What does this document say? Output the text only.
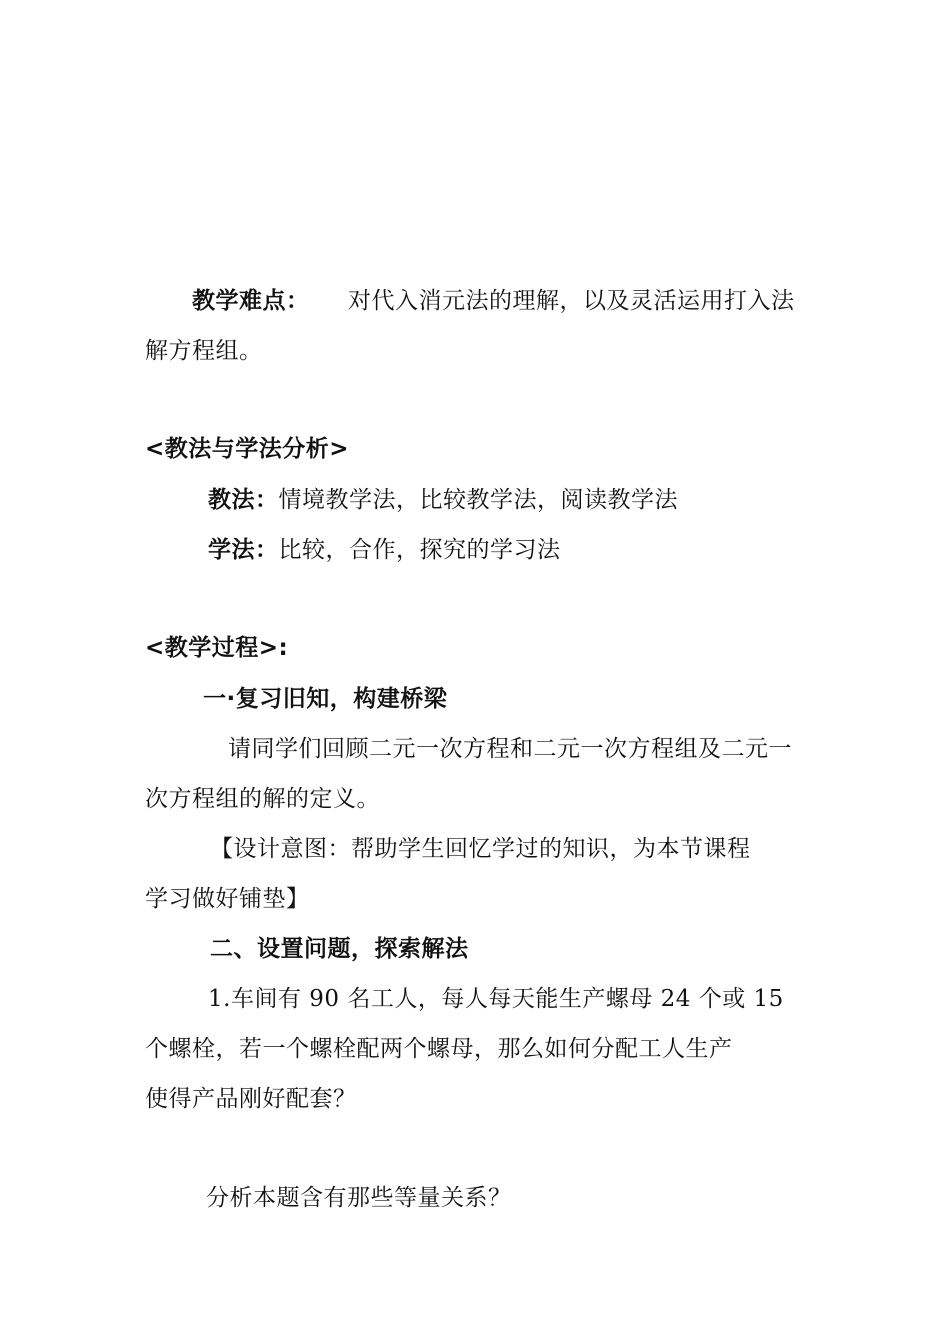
教学难点： 对代入消元法的理解，以及灵活运用打入法
解方程组。
<教法与学法分析>
教法：情境教学法，比较教学法，阅读教学法
学法：比较，合作，探究的学习法
<教学过程>:
一·复习旧知，构建桥梁
请同学们回顾二元一次方程和二元一次方程组及二元一
次方程组的解的定义。
【设计意图：帮助学生回忆学过的知识，为本节课程
学习做好铺垫】
二、设置问题，探索解法
1.车间有 90 名工人，每人每天能生产螺母 24 个或 15
个螺栓，若一个螺栓配两个螺母，那么如何分配工人生产
使得产品刚好配套？
分析本题含有那些等量关系？
